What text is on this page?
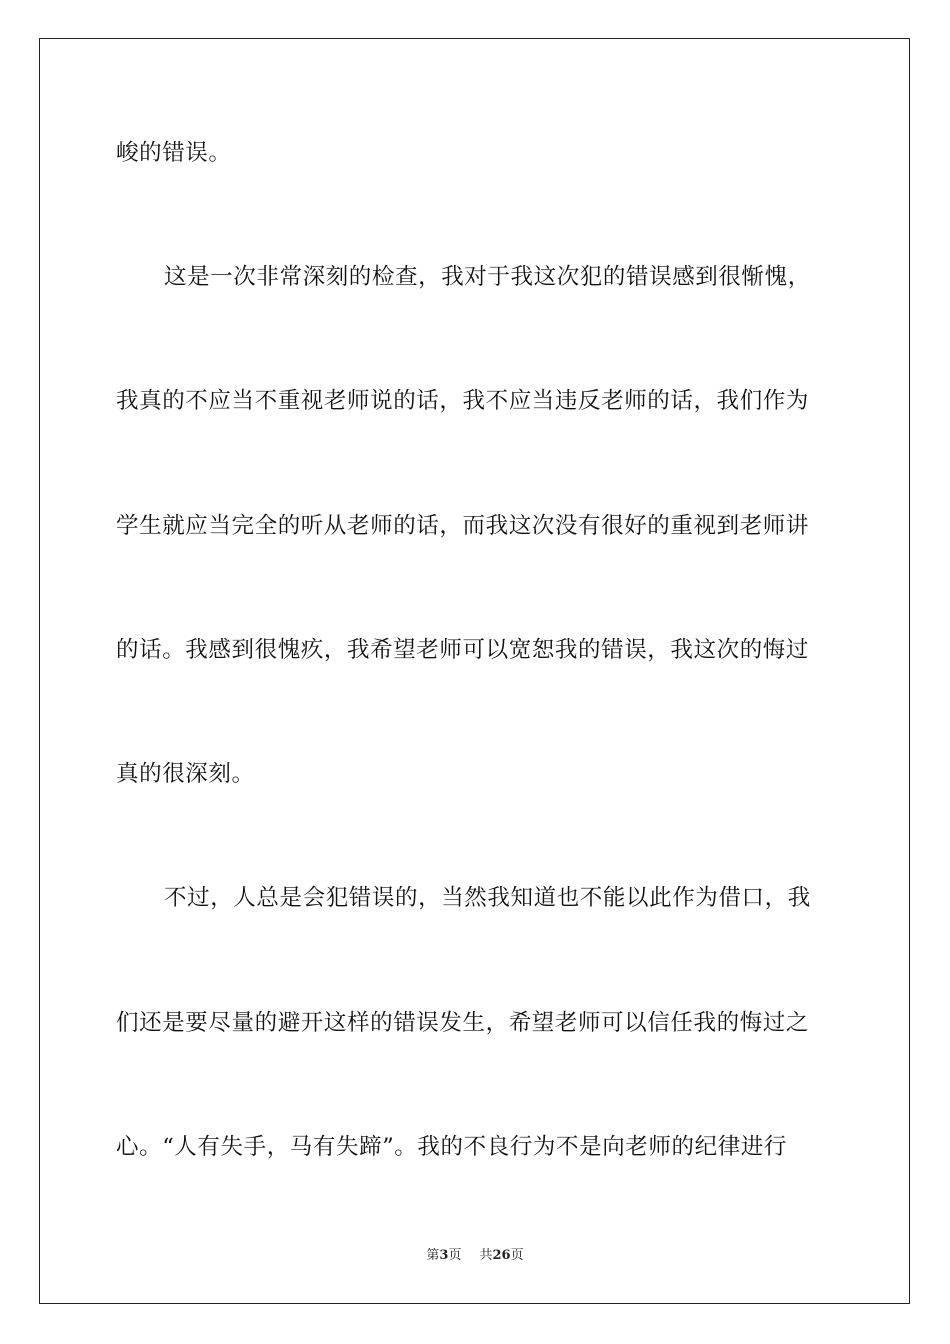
峻的错误。
这是一次非常深刻的检查，我对于我这次犯的错误感到很惭愧，
我真的不应当不重视老师说的话，我不应当违反老师的话，我们作为
学生就应当完全的听从老师的话，而我这次没有很好的重视到老师讲
的话。我感到很愧疚，我希望老师可以宽恕我的错误，我这次的悔过
真的很深刻。
不过，人总是会犯错误的，当然我知道也不能以此作为借口，我
们还是要尽量的避开这样的错误发生，希望老师可以信任我的悔过之
心。“人有失手，马有失蹄”。我的不良行为不是向老师的纪律进行
第3页 共26页
